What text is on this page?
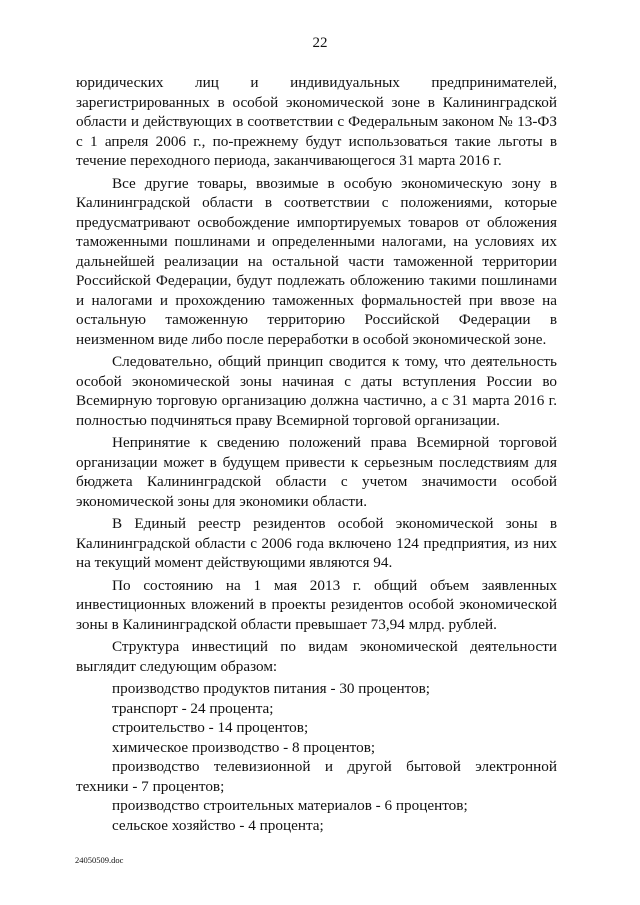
22

юридических лиц и индивидуальных предпринимателей, зарегистрированных в особой экономической зоне в Калининградской области и действующих в соответствии с Федеральным законом № 13-ФЗ с 1 апреля 2006 г., по-прежнему будут использоваться такие льготы в течение переходного периода, заканчивающегося 31 марта 2016 г.

Все другие товары, ввозимые в особую экономическую зону в Калининградской области в соответствии с положениями, которые предусматривают освобождение импортируемых товаров от обложения таможенными пошлинами и определенными налогами, на условиях их дальнейшей реализации на остальной части таможенной территории Российской Федерации, будут подлежать обложению такими пошлинами и налогами и прохождению таможенных формальностей при ввозе на остальную таможенную территорию Российской Федерации в неизменном виде либо после переработки в особой экономической зоне.

Следовательно, общий принцип сводится к тому, что деятельность особой экономической зоны начиная с даты вступления России во Всемирную торговую организацию должна частично, а с 31 марта 2016 г. полностью подчиняться праву Всемирной торговой организации.

Непринятие к сведению положений права Всемирной торговой организации может в будущем привести к серьезным последствиям для бюджета Калининградской области с учетом значимости особой экономической зоны для экономики области.

В Единый реестр резидентов особой экономической зоны в Калининградской области с 2006 года включено 124 предприятия, из них на текущий момент действующими являются 94.

По состоянию на 1 мая 2013 г. общий объем заявленных инвестиционных вложений в проекты резидентов особой экономической зоны в Калининградской области превышает 73,94 млрд. рублей.

Структура инвестиций по видам экономической деятельности выглядит следующим образом:

производство продуктов питания - 30 процентов;

транспорт - 24 процента;

строительство - 14 процентов;

химическое производство - 8 процентов;

производство телевизионной и другой бытовой электронной техники - 7 процентов;

производство строительных материалов - 6 процентов;

сельское хозяйство - 4 процента;

24050509.doc
